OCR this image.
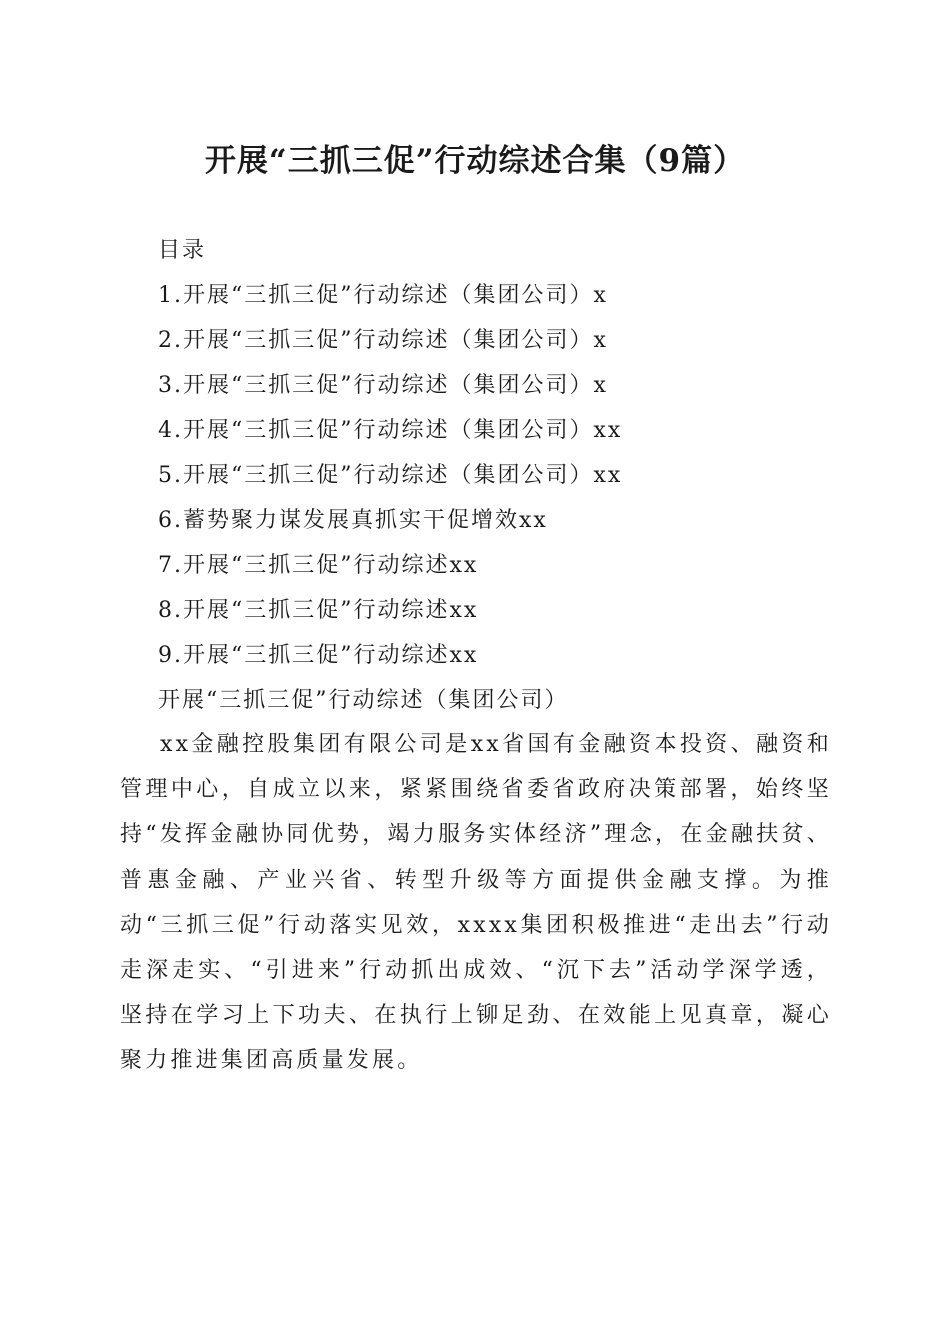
开展“三抓三促”行动综述合集（9篇）
目录
1.开展“三抓三促”行动综述（集团公司）x
2.开展“三抓三促”行动综述（集团公司）x
3.开展“三抓三促”行动综述（集团公司）x
4.开展“三抓三促”行动综述（集团公司）xx
5.开展“三抓三促”行动综述（集团公司）xx
6.蓄势聚力谋发展真抓实干促增效xx
7.开展“三抓三促”行动综述xx
8.开展“三抓三促”行动综述xx
9.开展“三抓三促”行动综述xx
开展“三抓三促”行动综述（集团公司）

xx金融控股集团有限公司是xx省国有金融资本投资、融资和管理中心，自成立以来，紧紧围绕省委省政府决策部署，始终坚持“发挥金融协同优势，竭力服务实体经济”理念，在金融扶贫、普惠金融、产业兴省、转型升级等方面提供金融支撑。为推动“三抓三促”行动落实见效，xxxx集团积极推进“走出去”行动走深走实、“引进来”行动抓出成效、“沉下去”活动学深学透，坚持在学习上下功夫、在执行上铆足劲、在效能上见真章，凝心聚力推进集团高质量发展。
